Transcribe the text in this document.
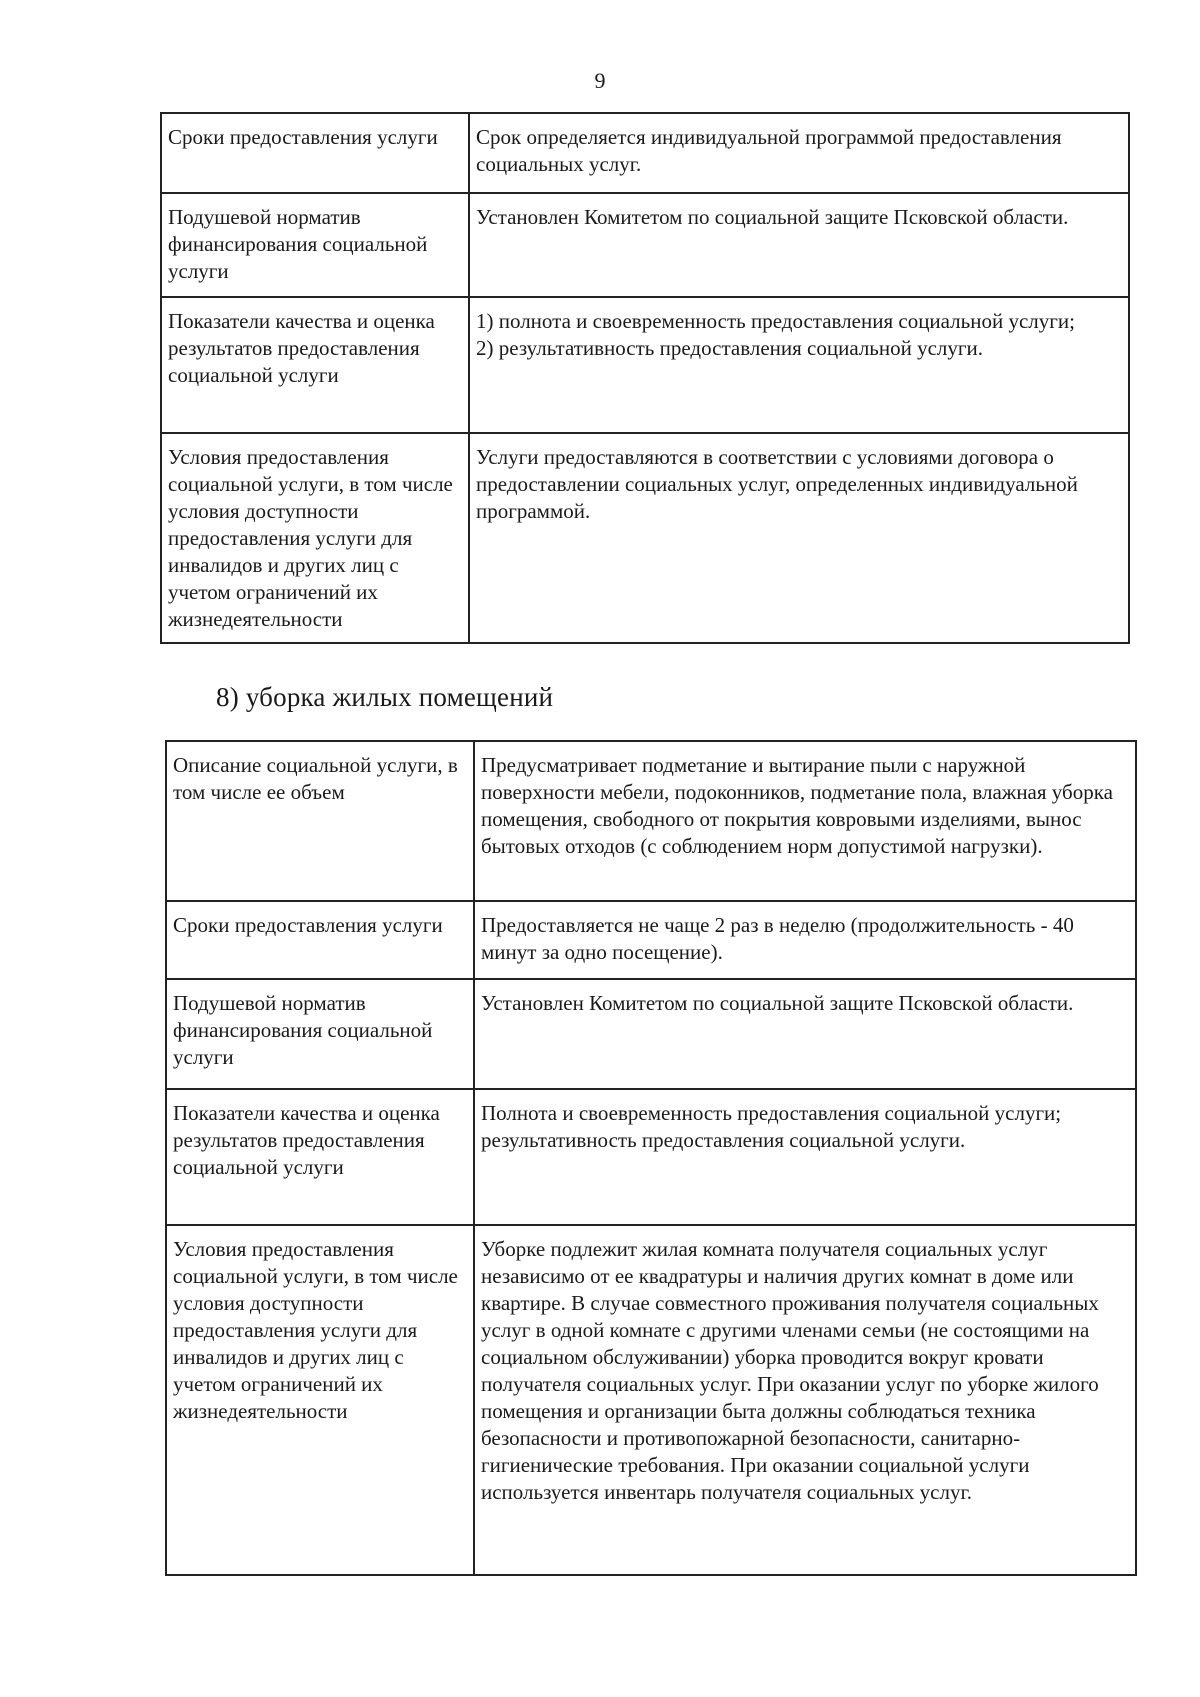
9
Сроки предоставления услуги	Срок определяется индивидуальной программой предоставления социальных услуг.

Подушевой норматив финансирования социальной услуги	Установлен Комитетом по социальной защите Псковской области.

Показатели качества и оценка результатов предоставления социальной услуги	1) полнота и своевременность предоставления социальной услуги;
2) результативность предоставления социальной услуги.

Условия предоставления социальной услуги, в том числе условия доступности предоставления услуги для инвалидов и других лиц с учетом ограничений их жизнедеятельности	Услуги предоставляются в соответствии с условиями договора о предоставлении социальных услуг, определенных индивидуальной программой.
8) уборка жилых помещений
Описание социальной услуги, в том числе ее объем	Предусматривает подметание и вытирание пыли с наружной поверхности мебели, подоконников, подметание пола, влажная уборка помещения, свободного от покрытия ковровыми изделиями, вынос бытовых отходов (с соблюдением норм допустимой нагрузки).

Сроки предоставления услуги	Предоставляется не чаще 2 раз в неделю (продолжительность - 40 минут за одно посещение).

Подушевой норматив финансирования социальной услуги	Установлен Комитетом по социальной защите Псковской области.

Показатели качества и оценка результатов предоставления социальной услуги	Полнота и своевременность предоставления социальной услуги;
результативность предоставления социальной услуги.

Условия предоставления социальной услуги, в том числе условия доступности предоставления услуги для инвалидов и других лиц с учетом ограничений их жизнедеятельности	Уборке подлежит жилая комната получателя социальных услуг независимо от ее квадратуры и наличия других комнат в доме или квартире. В случае совместного проживания получателя социальных услуг в одной комнате с другими членами семьи (не состоящими на социальном обслуживании) уборка проводится вокруг кровати получателя социальных услуг. При оказании услуг по уборке жилого помещения и организации быта должны соблюдаться техника безопасности и противопожарной безопасности, санитарно-гигиенические требования. При оказании социальной услуги используется инвентарь получателя социальных услуг.
